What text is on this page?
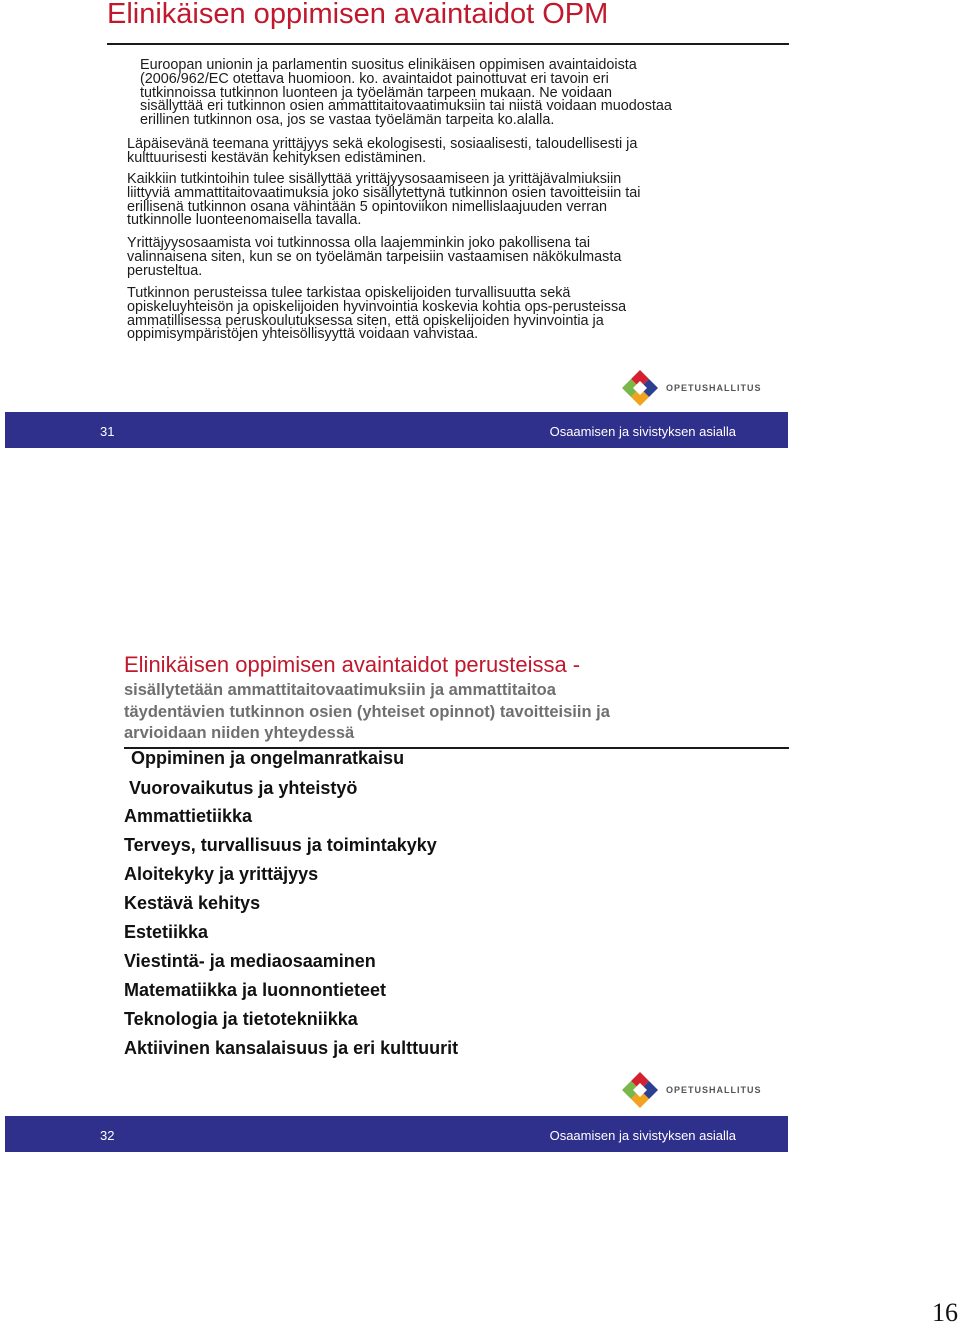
Elinikäisen oppimisen avaintaidot OPM

Euroopan unionin ja parlamentin suositus elinikäisen oppimisen avaintaidoista
(2006/962/EC otettava huomioon. ko. avaintaidot painottuvat eri tavoin eri
tutkinnoissa tutkinnon luonteen ja työelämän tarpeen mukaan. Ne voidaan
sisällyttää eri tutkinnon osien ammattitaitovaatimuksiin tai niistä voidaan muodostaa
erillinen tutkinnon osa, jos se vastaa työelämän tarpeita ko.alalla.

Läpäisevänä teemana yrittäjyys sekä ekologisesti, sosiaalisesti, taloudellisesti ja
kulttuurisesti kestävän kehityksen edistäminen.

Kaikkiin tutkintoihin tulee sisällyttää yrittäjyysosaamiseen ja yrittäjävalmiuksiin
liittyviä ammattitaitovaatimuksia joko sisällytettynä tutkinnon osien tavoitteisiin tai
erillisenä tutkinnon osana vähintään 5 opintoviikon nimellislaajuuden verran
tutkinnolle luonteenomaisella tavalla.

Yrittäjyysosaamista voi tutkinnossa olla laajemminkin joko pakollisena tai
valinnaisena siten, kun se on työelämän tarpeisiin vastaamisen näkökulmasta
perusteltua.

Tutkinnon perusteissa tulee tarkistaa opiskelijoiden turvallisuutta sekä
opiskeluyhteisön ja opiskelijoiden hyvinvointia koskevia kohtia ops-perusteissa
ammatillisessa peruskoulutuksessa siten, että opiskelijoiden hyvinvointia ja
oppimisympäristöjen yhteisöllisyyttä voidaan vahvistaa.

OPETUSHALLITUS
31	Osaamisen ja sivistyksen asialla
Elinikäisen oppimisen avaintaidot perusteissa -

sisällytetään ammattitaitovaatimuksiin ja ammattitaitoa

täydentävien tutkinnon osien (yhteiset opinnot) tavoitteisiin ja

arvioidaan niiden yhteydessä

Oppiminen ja ongelmanratkaisu

Vuorovaikutus ja yhteistyö

Ammattietiikka

Terveys, turvallisuus ja toimintakyky

Aloitekyky ja yrittäjyys

Kestävä kehitys

Estetiikka

Viestintä- ja mediaosaaminen

Matematiikka ja luonnontieteet

Teknologia ja tietotekniikka

Aktiivinen kansalaisuus ja eri kulttuurit

OPETUSHALLITUS
32	Osaamisen ja sivistyksen asialla
16
